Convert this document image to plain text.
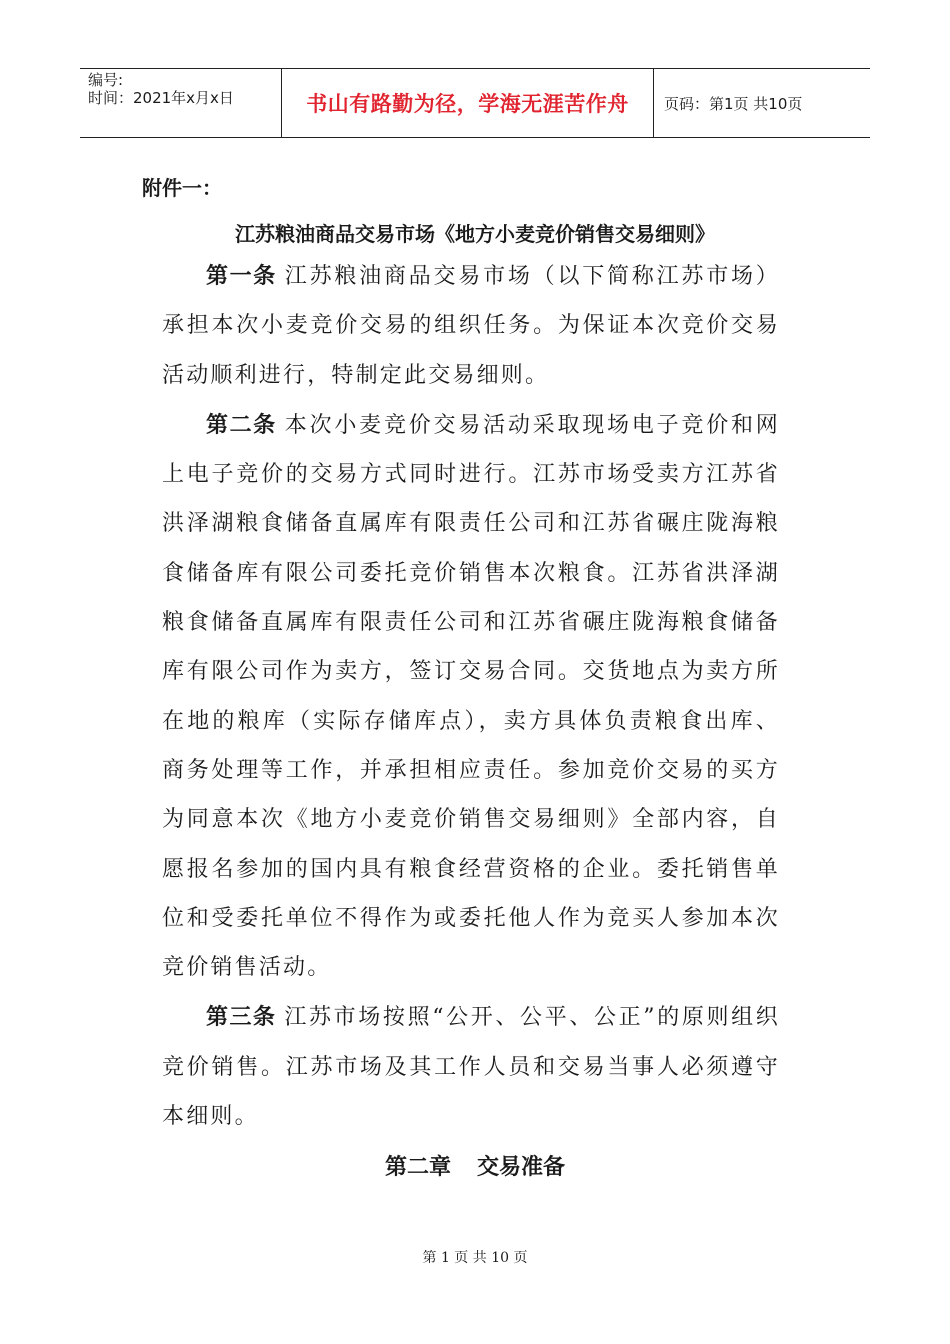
编号:
时间：2021年x月x日	书山有路勤为径，学海无涯苦作舟	页码：第1页 共10页
附件一：
江苏粮油商品交易市场《地方小麦竞价销售交易细则》

第一条 江苏粮油商品交易市场（以下简称江苏市场）承担本次小麦竞价交易的组织任务。为保证本次竞价交易活动顺利进行，特制定此交易细则。

第二条 本次小麦竞价交易活动采取现场电子竞价和网上电子竞价的交易方式同时进行。江苏市场受卖方江苏省洪泽湖粮食储备直属库有限责任公司和江苏省碾庄陇海粮食储备库有限公司委托竞价销售本次粮食。江苏省洪泽湖粮食储备直属库有限责任公司和江苏省碾庄陇海粮食储备库有限公司作为卖方，签订交易合同。交货地点为卖方所在地的粮库（实际存储库点），卖方具体负责粮食出库、商务处理等工作，并承担相应责任。参加竞价交易的买方为同意本次《地方小麦竞价销售交易细则》全部内容，自愿报名参加的国内具有粮食经营资格的企业。委托销售单位和受委托单位不得作为或委托他人作为竞买人参加本次竞价销售活动。

第三条 江苏市场按照“公开、公平、公正”的原则组织竞价销售。江苏市场及其工作人员和交易当事人必须遵守本细则。

第二章 交易准备
第 1 页 共 10 页
